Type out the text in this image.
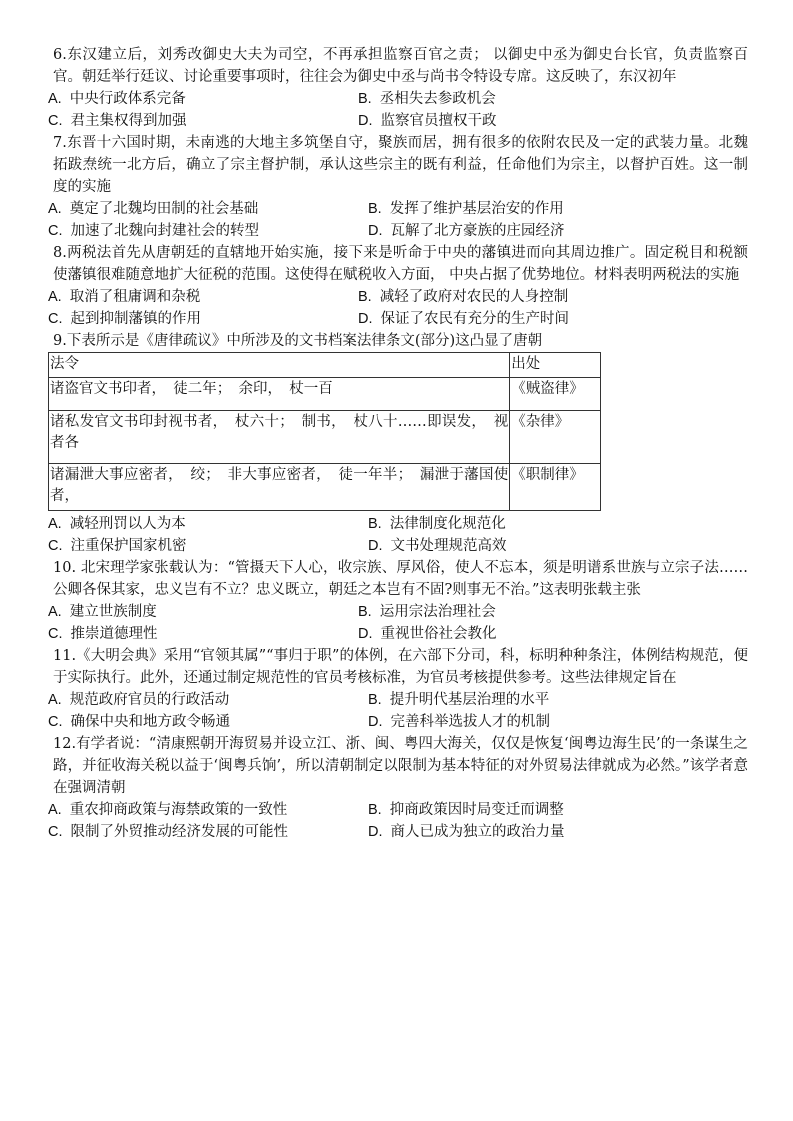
6.东汉建立后，刘秀改御史大夫为司空，不再承担监察百官之责； 以御史中丞为御史台长官，负责监察百官。朝廷举行廷议、讨论重要事项时，往往会为御史中丞与尚书令特设专席。这反映了，东汉初年

A. 中央行政体系完备	B. 丞相失去参政机会
C. 君主集权得到加强	D. 监察官员擅权干政

7.东晋十六国时期，未南逃的大地主多筑堡自守，聚族而居，拥有很多的依附农民及一定的武装力量。北魏拓跋焘统一北方后，确立了宗主督护制，承认这些宗主的既有利益，任命他们为宗主，以督护百姓。这一制度的实施

A. 奠定了北魏均田制的社会基础	B. 发挥了维护基层治安的作用
C. 加速了北魏向封建社会的转型	D. 瓦解了北方豪族的庄园经济

8.两税法首先从唐朝廷的直辖地开始实施，接下来是听命于中央的藩镇进而向其周边推广。固定税目和税额使藩镇很难随意地扩大征税的范围。这使得在赋税收入方面， 中央占据了优势地位。材料表明两税法的实施

A. 取消了租庸调和杂税	B. 减轻了政府对农民的人身控制
C. 起到抑制藩镇的作用	D. 保证了农民有充分的生产时间

9.下表所示是《唐律疏议》中所涉及的文书档案法律条文(部分)这凸显了唐朝

法令	出处
诸盗官文书印者，　徒二年；　余印，　杖一百	《贼盗律》
诸私发官文书印封视书者，　杖六十；　制书，　杖八十……即误发，　视者各	《杂律》
诸漏泄大事应密者，　绞；　非大事应密者，　徒一年半；　漏泄于藩国使者，	《职制律》
A. 减轻刑罚以人为本	B. 法律制度化规范化
C. 注重保护国家机密	D. 文书处理规范高效

10. 北宋理学家张载认为：“管摄天下人心，收宗族、厚风俗，使人不忘本，须是明谱系世族与立宗子法……公卿各保其家，忠义岂有不立？忠义既立，朝廷之本岂有不固?则事无不治。”这表明张载主张

A. 建立世族制度	B. 运用宗法治理社会
C. 推崇道德理性	D. 重视世俗社会教化

11.《大明会典》采用“官领其属”“事归于职”的体例，在六部下分司，科，标明种种条注，体例结构规范，便于实际执行。此外，还通过制定规范性的官员考核标准，为官员考核提供参考。这些法律规定旨在

A. 规范政府官员的行政活动	B. 提升明代基层治理的水平
C. 确保中央和地方政令畅通	D. 完善科举选拔人才的机制

12.有学者说：“清康熙朝开海贸易并设立江、浙、闽、粤四大海关，仅仅是恢复‘闽粤边海生民’的一条谋生之路，并征收海关税以益于‘闽粤兵饷’，所以清朝制定以限制为基本特征的对外贸易法律就成为必然。”该学者意在强调清朝

A. 重农抑商政策与海禁政策的一致性	B. 抑商政策因时局变迁而调整
C. 限制了外贸推动经济发展的可能性	D. 商人已成为独立的政治力量
